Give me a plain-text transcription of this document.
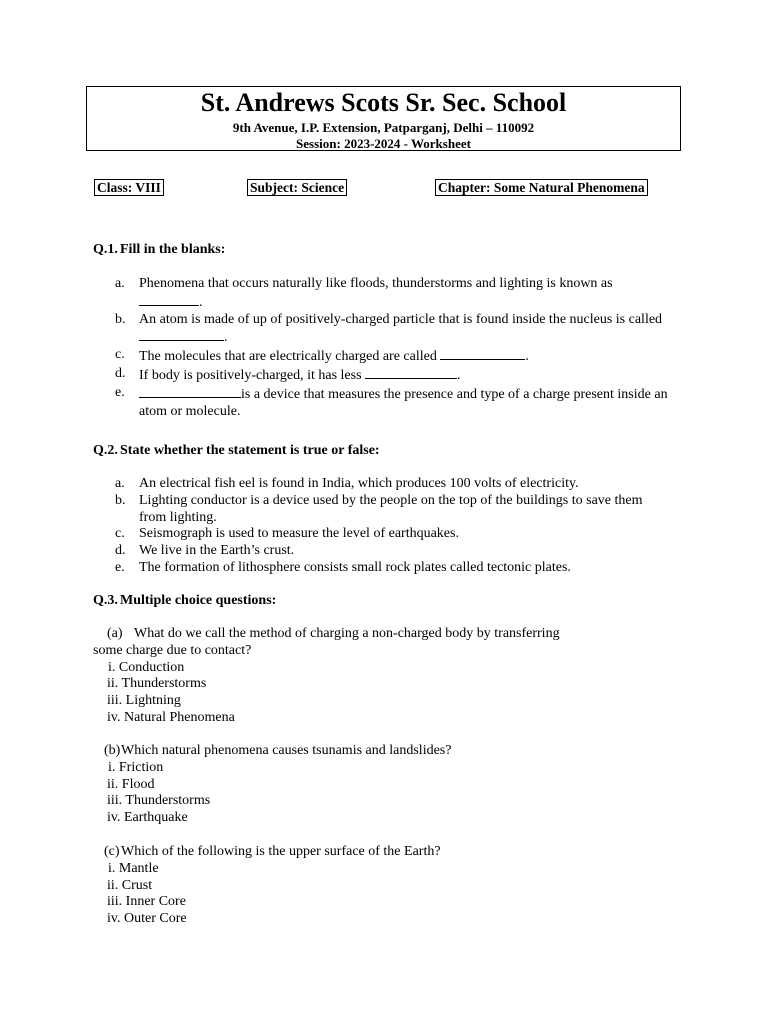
St. Andrews Scots Sr. Sec. School
9th Avenue, I.P. Extension, Patparganj, Delhi – 110092
Session: 2023-2024 - Worksheet
Class: VIII	Subject: Science	Chapter: Some Natural Phenomena
Q.1. Fill in the blanks:
a. Phenomena that occurs naturally like floods, thunderstorms and lighting is known as .
b. An atom is made of up of positively-charged particle that is found inside the nucleus is called .
c. The molecules that are electrically charged are called	.
d. If body is positively-charged, it has less	.
e.	is a device that measures the presence and type of a charge present inside an atom or molecule.
Q.2. State whether the statement is true or false:
a. An electrical fish eel is found in India, which produces 100 volts of electricity.
b. Lighting conductor is a device used by the people on the top of the buildings to save them from lighting.
c. Seismograph is used to measure the level of earthquakes.
d. We live in the Earth’s crust.
e. The formation of lithosphere consists small rock plates called tectonic plates.
Q.3. Multiple choice questions:
(a) What do we call the method of charging a non-charged body by transferring
some charge due to contact?
i. Conduction
ii. Thunderstorms
iii. Lightning
iv. Natural Phenomena
(b)Which natural phenomena causes tsunamis and landslides?
i. Friction
ii. Flood
iii. Thunderstorms
iv. Earthquake
(c)Which of the following is the upper surface of the Earth?
i. Mantle
ii. Crust
iii. Inner Core
iv. Outer Core
